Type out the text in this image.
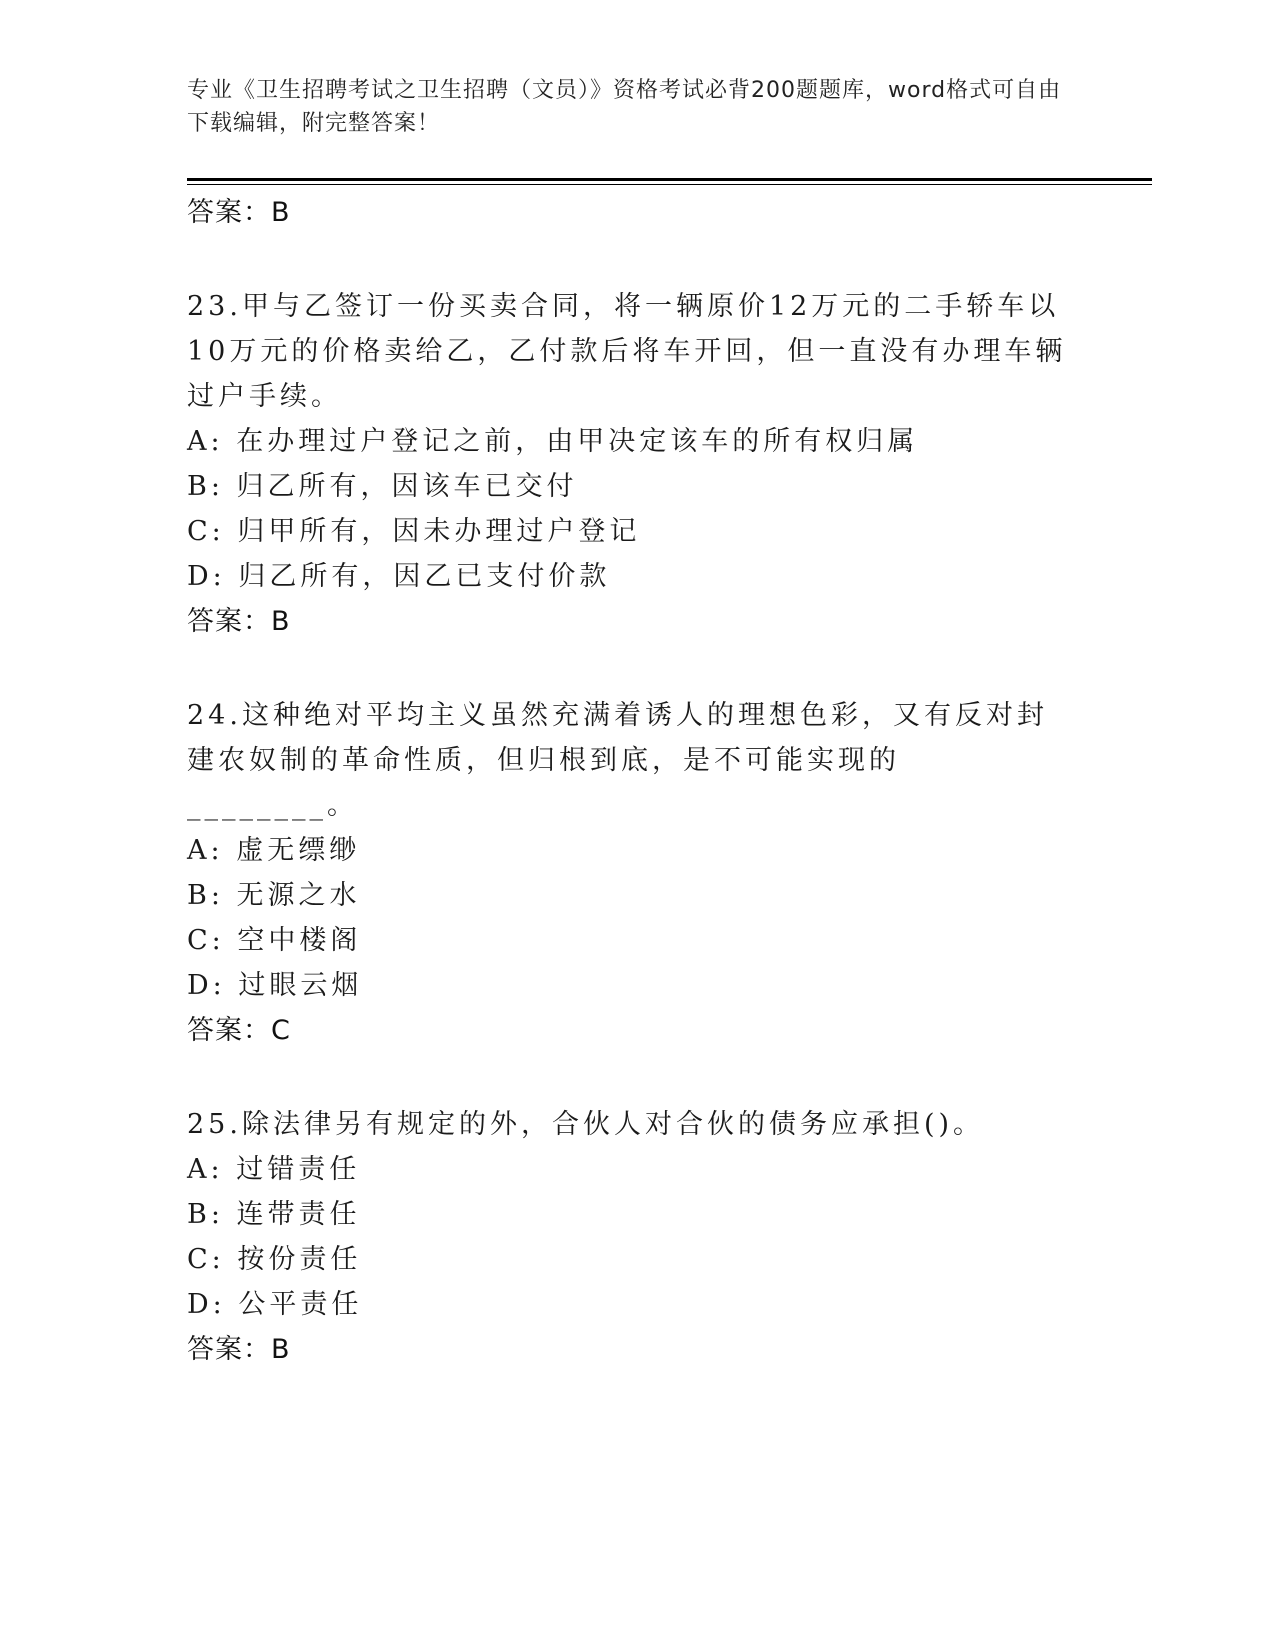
专业《卫生招聘考试之卫生招聘（文员）》资格考试必背200题题库，word格式可自由下载编辑，附完整答案！
答案：B
23.甲与乙签订一份买卖合同，将一辆原价12万元的二手轿车以10万元的价格卖给乙，乙付款后将车开回，但一直没有办理车辆过户手续。
A: 在办理过户登记之前，由甲决定该车的所有权归属
B: 归乙所有，因该车已交付
C: 归甲所有，因未办理过户登记
D: 归乙所有，因乙已支付价款
答案：B
24.这种绝对平均主义虽然充满着诱人的理想色彩，又有反对封建农奴制的革命性质，但归根到底，是不可能实现的________。
A: 虚无缥缈
B: 无源之水
C: 空中楼阁
D: 过眼云烟
答案：C
25.除法律另有规定的外，合伙人对合伙的债务应承担()。
A: 过错责任
B: 连带责任
C: 按份责任
D: 公平责任
答案：B
